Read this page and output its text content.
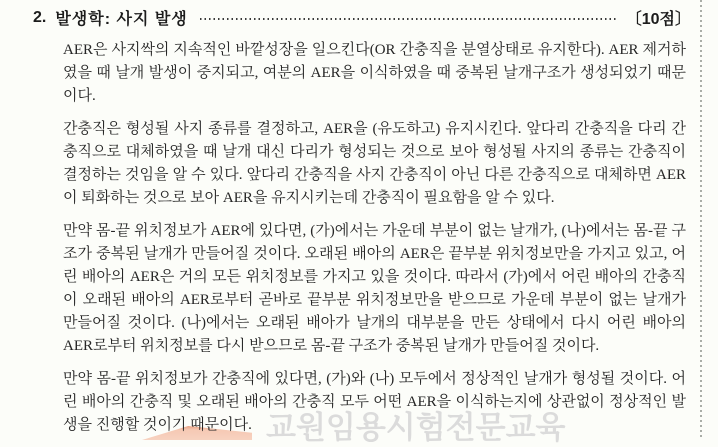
교원임용시험전문교육
2. 발생학: 사지 발생	〔10점〕

AER은 사지싹의 지속적인 바깥성장을 일으킨다(OR 간충직을 분열상태로 유지한다). AER 제거하였을 때 날개 발생이 중지되고, 여분의 AER을 이식하였을 때 중복된 날개구조가 생성되었기 때문이다.

간충직은 형성될 사지 종류를 결정하고, AER을 (유도하고) 유지시킨다. 앞다리 간충직을 다리 간충직으로 대체하였을 때 날개 대신 다리가 형성되는 것으로 보아 형성될 사지의 종류는 간충직이 결정하는 것임을 알 수 있다. 앞다리 간충직을 사지 간충직이 아닌 다른 간충직으로 대체하면 AER이 퇴화하는 것으로 보아 AER을 유지시키는데 간충직이 필요함을 알 수 있다.

만약 몸-끝 위치정보가 AER에 있다면, (가)에서는 가운데 부분이 없는 날개가, (나)에서는 몸-끝 구조가 중복된 날개가 만들어질 것이다. 오래된 배아의 AER은 끝부분 위치정보만을 가지고 있고, 어린 배아의 AER은 거의 모든 위치정보를 가지고 있을 것이다. 따라서 (가)에서 어린 배아의 간충직이 오래된 배아의 AER로부터 곧바로 끝부분 위치정보만을 받으므로 가운데 부분이 없는 날개가 만들어질 것이다. (나)에서는 오래된 배아가 날개의 대부분을 만든 상태에서 다시 어린 배아의 AER로부터 위치정보를 다시 받으므로 몸-끝 구조가 중복된 날개가 만들어질 것이다.

만약 몸-끝 위치정보가 간충직에 있다면, (가)와 (나) 모두에서 정상적인 날개가 형성될 것이다. 어린 배아의 간충직 및 오래된 배아의 간충직 모두 어떤 AER을 이식하는지에 상관없이 정상적인 발생을 진행할 것이기 때문이다.
